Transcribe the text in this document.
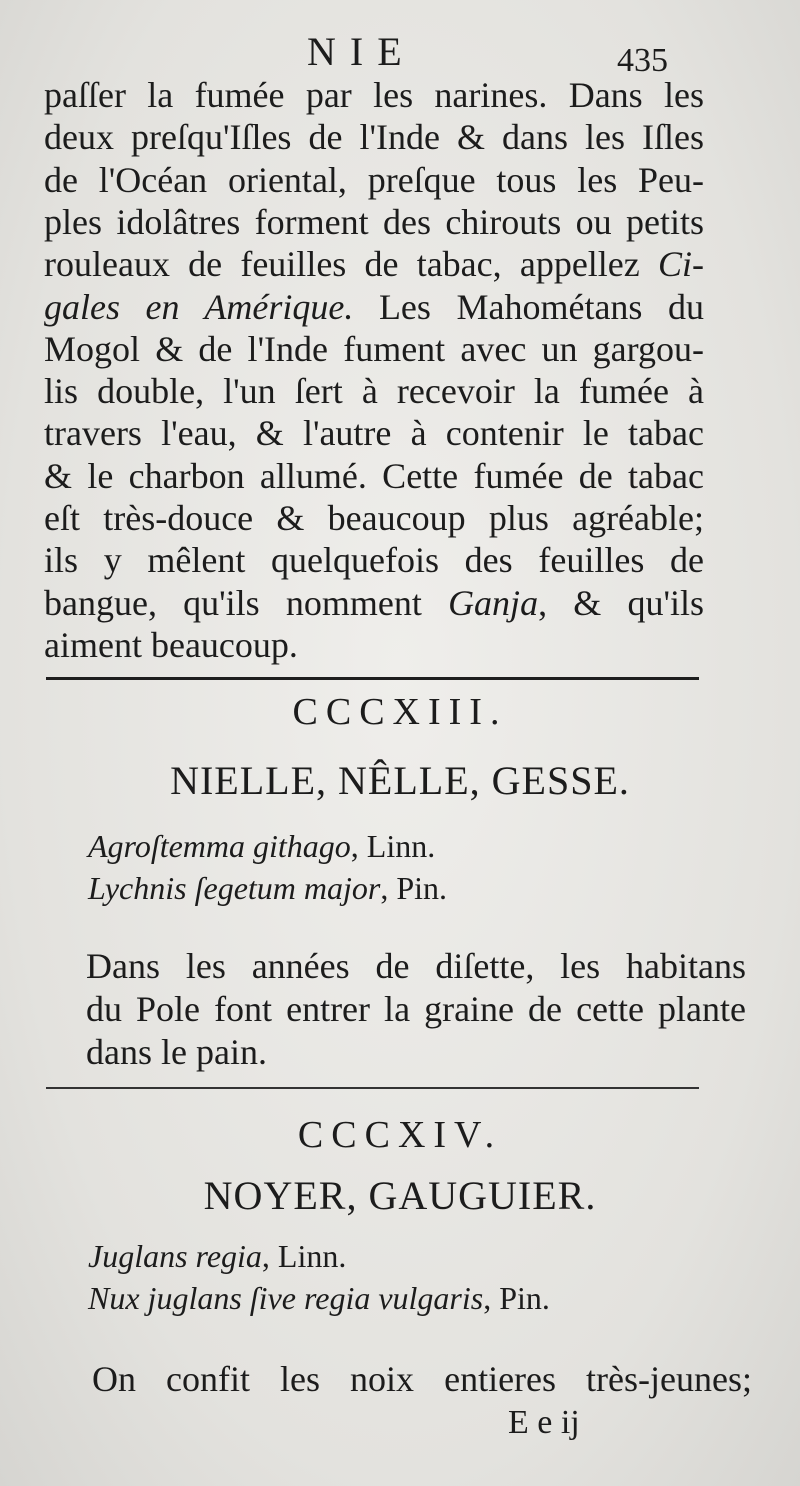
NIE	435
paſſer la fumée par les narines. Dans les
deux preſqu'Iſles de l'Inde & dans les Iſles
de l'Océan oriental, preſque tous les Peu-
ples idolâtres forment des chirouts ou petits
rouleaux de feuilles de tabac, appellez Ci-
gales en Amérique. Les Mahométans du
Mogol & de l'Inde fument avec un gargou-
lis double, l'un ſert à recevoir la fumée à
travers l'eau, & l'autre à contenir le tabac
& le charbon allumé. Cette fumée de tabac
eſt très-douce & beaucoup plus agréable;
ils y mêlent quelquefois des feuilles de
bangue, qu'ils nomment Ganja, & qu'ils
aiment beaucoup.
CCCXIII.
NIELLE, NÊLLE, GESSE.
Agroſtemma githago, Linn.
Lychnis ſegetum major, Pin.
Dans les années de diſette, les habitans
du Pole font entrer la graine de cette plante
dans le pain.
CCCXIV.
NOYER, GAUGUIER.
Juglans regia, Linn.
Nux juglans ſive regia vulgaris, Pin.
On confit les noix entieres très-jeunes;
E e ij
